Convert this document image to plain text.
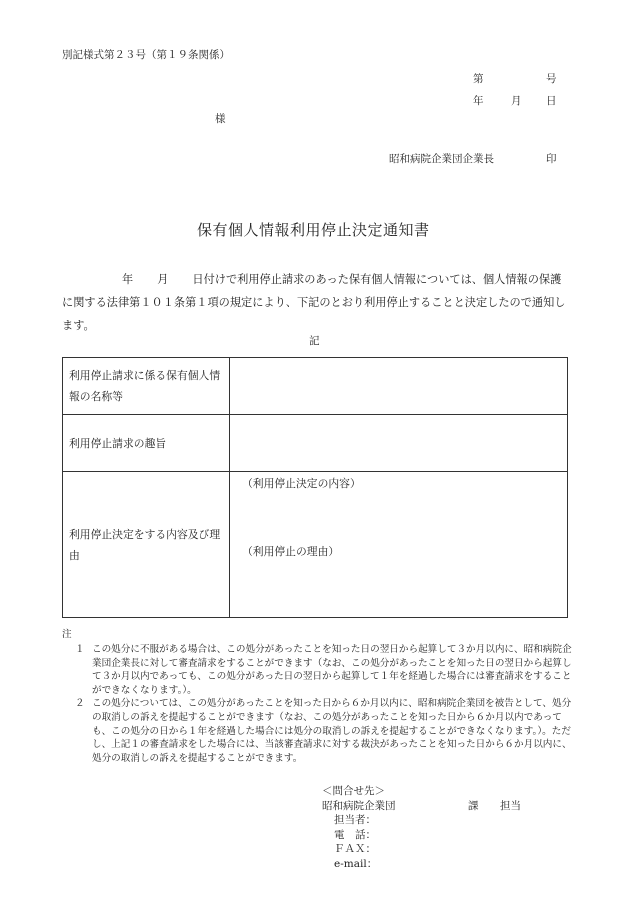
別記様式第２３号（第１９条関係）
第	号
年	月 日
様
昭和病院企業団企業長	印
保有個人情報利用停止決定通知書
年 月 日付けで利用停止請求のあった保有個人情報については、個人情報の保護に関する法律第１０１条第１項の規定により、下記のとおり利用停止することと決定したので通知します。
記
利用停止請求に係る保有個人情報の名称等	
利用停止請求の趣旨	
利用停止決定をする内容及び理由	（利用停止決定の内容）
（利用停止の理由）
注
１ この処分に不服がある場合は、この処分があったことを知った日の翌日から起算して３か月以内に、昭和病院企業団企業長に対して審査請求をすることができます（なお、この処分があったことを知った日の翌日から起算して３か月以内であっても、この処分があった日の翌日から起算して１年を経過した場合には審査請求をすることができなくなります。）。
２ この処分については、この処分があったことを知った日から６か月以内に、昭和病院企業団を被告として、処分の取消しの訴えを提起することができます（なお、この処分があったことを知った日から６か月以内であっても、この処分の日から１年を経過した場合には処分の取消しの訴えを提起することができなくなります。）。ただし、上記１の審査請求をした場合には、当該審査請求に対する裁決があったことを知った日から６か月以内に、処分の取消しの訴えを提起することができます。
＜問合せ先＞
昭和病院企業団	課 担当
担当者：
電　話：
ＦＡＸ：
e-mail：
